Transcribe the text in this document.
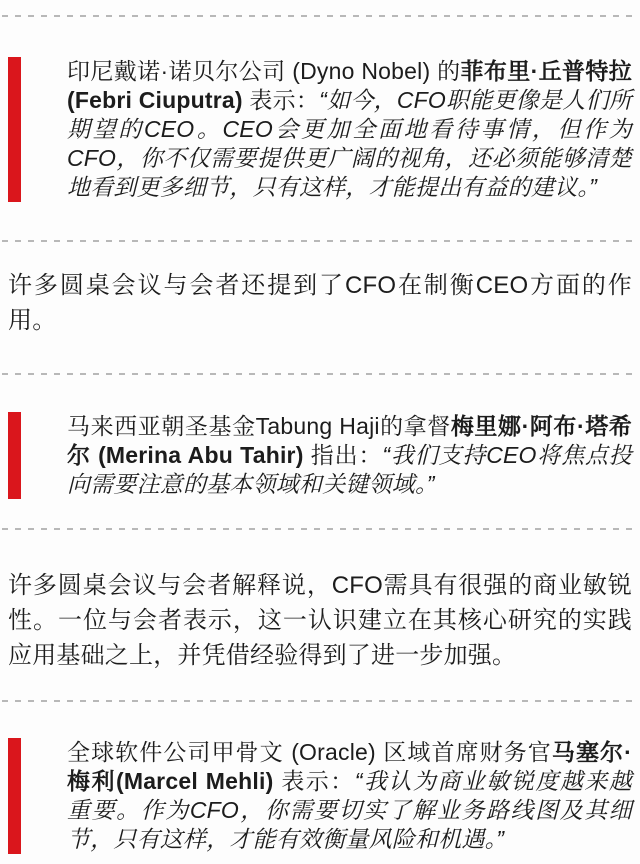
印尼戴诺·诺贝尔公司 (Dyno Nobel) 的菲布里·丘普特拉 (Febri Ciuputra) 表示：“如今，CFO职能更像是人们所期望的CEO。CEO会更加全面地看待事情，但作为CFO，你不仅需要提供更广阔的视角，还必须能够清楚地看到更多细节，只有这样，才能提出有益的建议。”

许多圆桌会议与会者还提到了CFO在制衡CEO方面的作用。

马来西亚朝圣基金Tabung Haji的拿督梅里娜·阿布·塔希尔 (Merina Abu Tahir) 指出：“我们支持CEO将焦点投向需要注意的基本领域和关键领域。”

许多圆桌会议与会者解释说，CFO需具有很强的商业敏锐性。一位与会者表示，这一认识建立在其核心研究的实践应用基础之上，并凭借经验得到了进一步加强。

全球软件公司甲骨文 (Oracle) 区域首席财务官马塞尔·梅利(Marcel Mehli) 表示：“我认为商业敏锐度越来越重要。作为CFO，你需要切实了解业务路线图及其细节，只有这样，才能有效衡量风险和机遇。”
